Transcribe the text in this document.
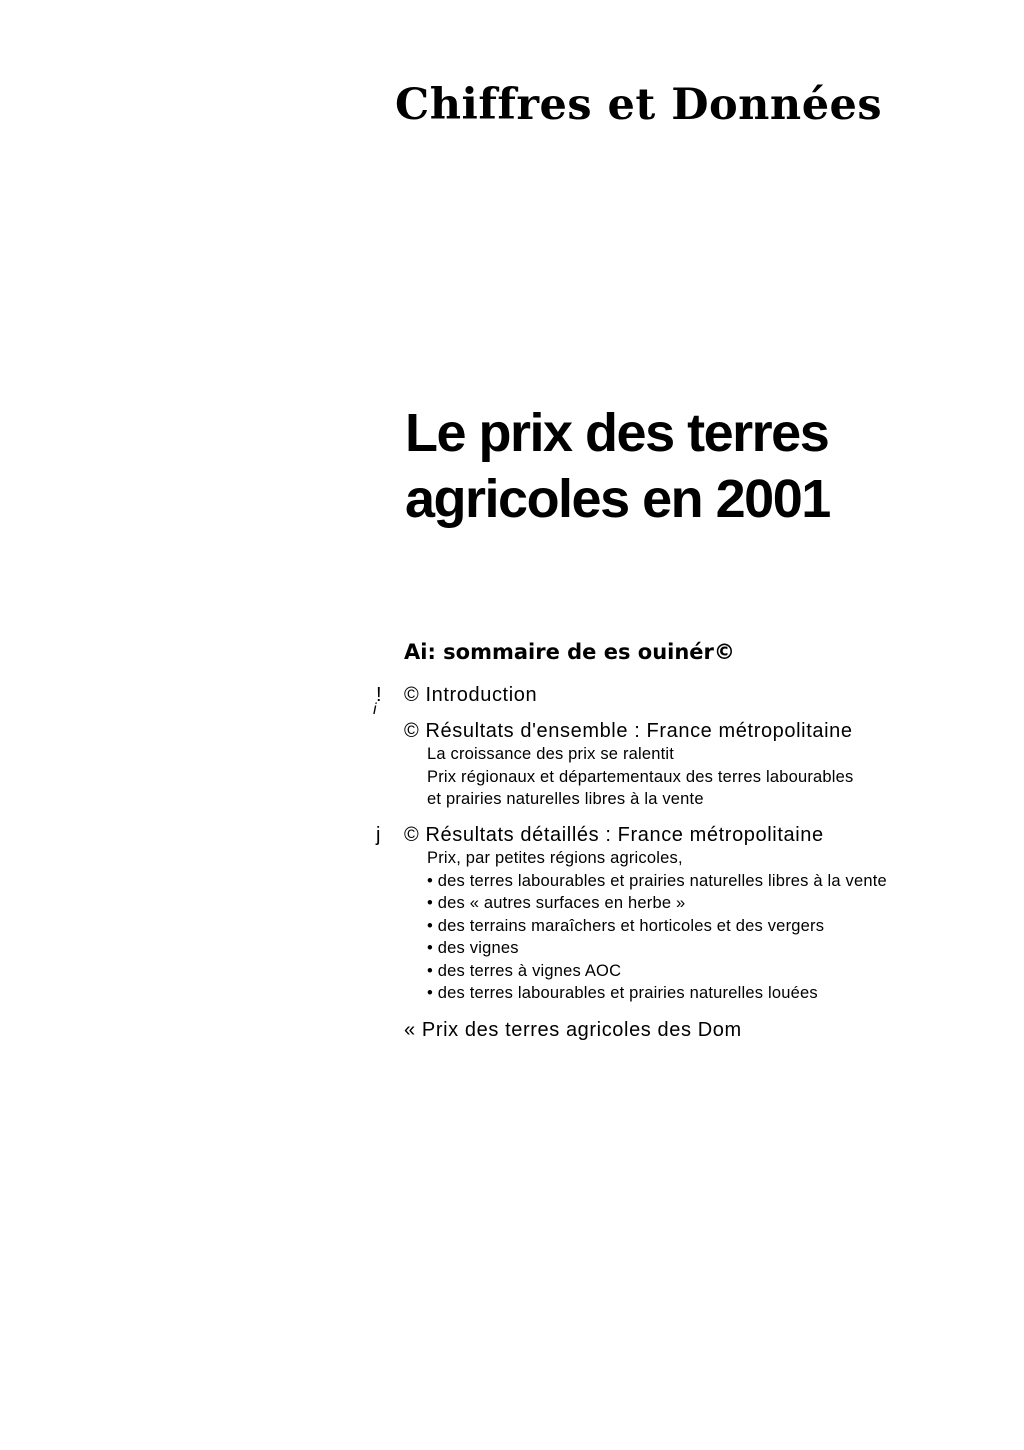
Chiffres et Données
Le prix des terres
agricoles en 2001
Ai: sommaire de es ouinér©
!
i
j
© Introduction
© Résultats d'ensemble : France métropolitaine
La croissance des prix se ralentit
Prix régionaux et départementaux des terres labourables
et prairies naturelles libres à la vente
© Résultats détaillés : France métropolitaine
Prix, par petites régions agricoles,
• des terres labourables et prairies naturelles libres à la vente
• des « autres surfaces en herbe »
• des terrains maraîchers et horticoles et des vergers
• des vignes
• des terres à vignes AOC
• des terres labourables et prairies naturelles louées
« Prix des terres agricoles des Dom
